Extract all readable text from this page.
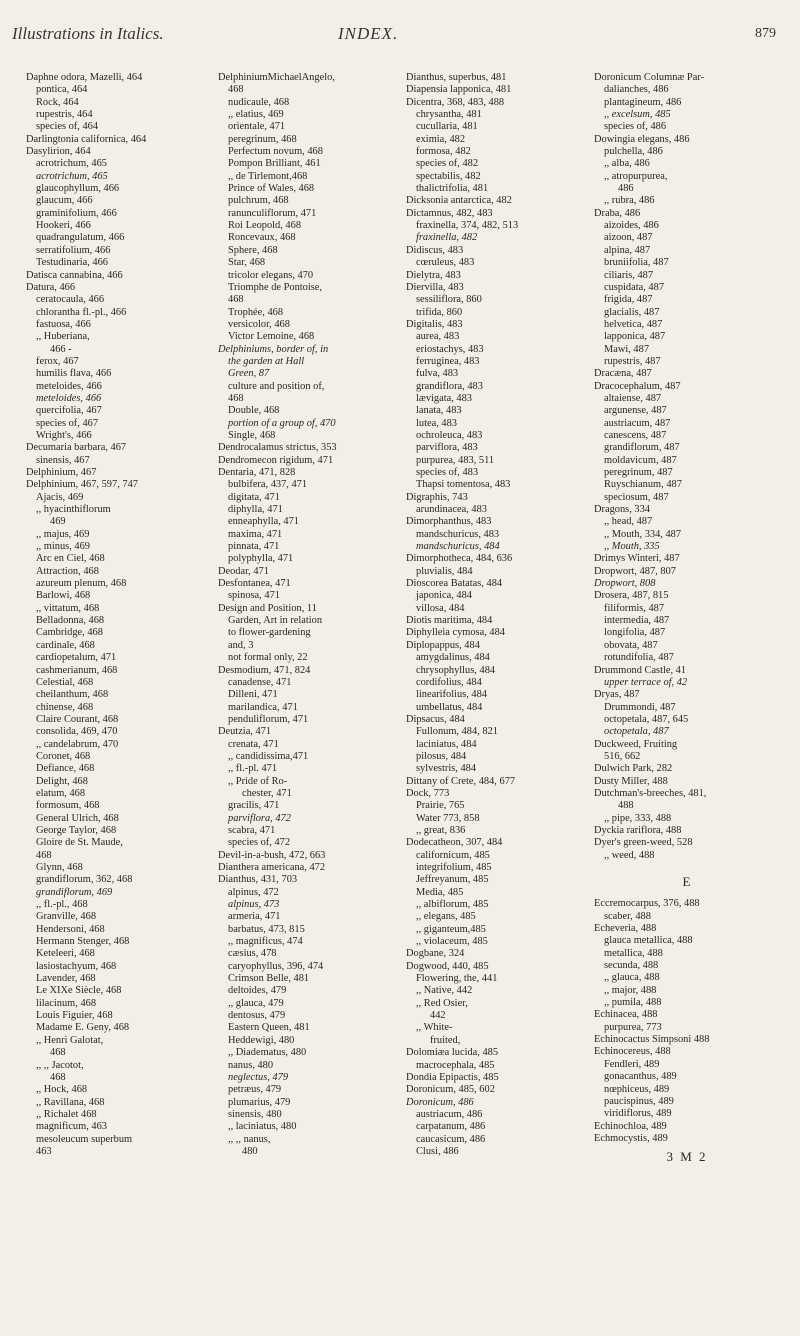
Illustrations in Italics.	INDEX.	879
Daphne odora, Mazelli, 464
pontica, 464
Rock, 464
rupestris, 464
species of, 464
Darlingtonia californica, 464
Dasylirion, 464
acrotrichum, 465
acrotrichum, 465
glaucophyllum, 466
glaucum, 466
graminifolium, 466
Hookeri, 466
quadrangulatum, 466
serratifolium, 466
Testudinaria, 466
Datisca cannabina, 466
Datura, 466
ceratocaula, 466
chlorantha fl.-pl., 466
fastuosa, 466
,, Huberiana,
466 -
ferox, 467
humilis flava, 466
meteloides, 466
meteloides, 466
quercifolia, 467
species of, 467
Wright's, 466
Decumaria barbara, 467
sinensis, 467
Delphinium, 467
Delphinium, 467, 597, 747
Ajacis, 469
,, hyacinthiflorum
469
,, majus, 469
,, minus, 469
Arc en Ciel, 468
Attraction, 468
azureum plenum, 468
Barlowi, 468
,, vittatum, 468
Belladonna, 468
Cambridge, 468
cardinale, 468
cardiopetalum, 471
cashmerianum, 468
Celestial, 468
cheilanthum, 468
chinense, 468
Claire Courant, 468
consolida, 469, 470
,, candelabrum, 470
Coronet, 468
Defiance, 468
Delight, 468
elatum, 468
formosum, 468
General Ulrich, 468
George Taylor, 468
Gloire de St. Maude,
468
Glynn, 468
grandiflorum, 362, 468
grandiflorum, 469
,, fl.-pl., 468
Granville, 468
Hendersoni, 468
Hermann Stenger, 468
Keteleeri, 468
lasiostachyum, 468
Lavender, 468
Le XIXe Siècle, 468
lilacinum, 468
Louis Figuier, 468
Madame E. Geny, 468
,, Henri Galotat,
468
,, ,, Jacotot,
468
,, Hock, 468
,, Ravillana, 468
,, Richalet 468
magnificum, 463
mesoleucum superbum
463
DelphiniumMichaelAngelo,
468
nudicaule, 468
,, elatius, 469
orientale, 471
peregrinum, 468
Perfectum novum, 468
Pompon Brilliant, 461
,, de Tirlemont,468
Prince of Wales, 468
pulchrum, 468
ranunculiflorum, 471
Roi Leopold, 468
Roncevaux, 468
Sphere, 468
Star, 468
tricolor elegans, 470
Triomphe de Pontoise,
468
Trophée, 468
versicolor, 468
Victor Lemoine, 468
Delphiniums, border of, in
the garden at Hall
Green, 87
culture and position of,
468
Double, 468
portion of a group of, 470
Single, 468
Dendrocalamus strictus, 353
Dendromecon rigidum, 471
Dentaria, 471, 828
bulbifera, 437, 471
digitata, 471
diphylla, 471
enneaphylla, 471
maxima, 471
pinnata, 471
polyphylla, 471
Deodar, 471
Desfontanea, 471
spinosa, 471
Design and Position, 11
Garden, Art in relation
to flower-gardening
and, 3
not formal only, 22
Desmodium, 471, 824
canadense, 471
Dilleni, 471
marilandica, 471
penduliflorum, 471
Deutzia, 471
crenata, 471
,, candidissima,471
,, fl.-pl. 471
,, Pride of Ro-
chester, 471
gracilis, 471
parviflora, 472
scabra, 471
species of, 472
Devil-in-a-bush, 472, 663
Dianthera americana, 472
Dianthus, 431, 703
alpinus, 472
alpinus, 473
armeria, 471
barbatus, 473, 815
,, magnificus, 474
cæsius, 478
caryophyllus, 396, 474
Crimson Belle, 481
deltoides, 479
,, glauca, 479
dentosus, 479
Eastern Queen, 481
Heddewigi, 480
,, Diadematus, 480
nanus, 480
neglectus, 479
petræus, 479
plumarius, 479
sinensis, 480
,, laciniatus, 480
,, ,, nanus,
480
Dianthus, superbus, 481
Diapensia lapponica, 481
Dicentra, 368, 483, 488
chrysantha, 481
cucullaria, 481
eximia, 482
formosa, 482
species of, 482
spectabilis, 482
thalictrifolia, 481
Dicksonia antarctica, 482
Dictamnus, 482, 483
fraxinella, 374, 482, 513
fraxinella, 482
Didiscus, 483
cœruleus, 483
Dielytra, 483
Diervilla, 483
sessiliflora, 860
trifida, 860
Digitalis, 483
aurea, 483
eriostachys, 483
ferruginea, 483
fulva, 483
grandiflora, 483
lævigata, 483
lanata, 483
lutea, 483
ochroleuca, 483
parviflora, 483
purpurea, 483, 511
species of, 483
Thapsi tomentosa, 483
Digraphis, 743
arundinacea, 483
Dimorphanthus, 483
mandschuricus, 483
mandschuricus, 484
Dimorphotheca, 484, 636
pluvialis, 484
Dioscorea Batatas, 484
japonica, 484
villosa, 484
Diotis maritima, 484
Diphylleia cymosa, 484
Diplopappus, 484
amygdalinus, 484
chrysophyllus, 484
cordifolius, 484
linearifolius, 484
umbellatus, 484
Dipsacus, 484
Fullonum, 484, 821
laciniatus, 484
pilosus, 484
sylvestris, 484
Dittany of Crete, 484, 677
Dock, 773
Prairie, 765
Water 773, 858
,, great, 836
Dodecatheon, 307, 484
californicum, 485
integrifolium, 485
Jeffreyanum, 485
Media, 485
,, albiflorum, 485
,, elegans, 485
,, giganteum,485
,, violaceum, 485
Dogbane, 324
Dogwood, 440, 485
Flowering, the, 441
,, Native, 442
,, Red Osier,
442
,, White-
fruited,
Dolomiæa lucida, 485
macrocephala, 485
Dondia Epipactis, 485
Doronicum, 485, 602
Doronicum, 486
austriacum, 486
carpatanum, 486
caucasicum, 486
Clusi, 486
Doronicum Columnæ Par-
dalianches, 486
plantagineum, 486
,, excelsum, 485
species of, 486
Dowingia elegans, 486
pulchella, 486
,, alba, 486
,, atropurpurea,
486
,, rubra, 486
Draba, 486
aizoides, 486
aizoon, 487
alpina, 487
bruniifolia, 487
ciliaris, 487
cuspidata, 487
frigida, 487
glacialis, 487
helvetica, 487
lapponica, 487
Mawi, 487
rupestris, 487
Dracæna, 487
Dracocephalum, 487
altaiense, 487
argunense, 487
austriacum, 487
canescens, 487
grandiflorum, 487
moldavicum, 487
peregrinum, 487
Ruyschianum, 487
speciosum, 487
Dragons, 334
,, head, 487
,, Mouth, 334, 487
,, Mouth, 335
Drimys Winteri, 487
Dropwort, 487, 807
Dropwort, 808
Drosera, 487, 815
filiformis, 487
intermedia, 487
longifolia, 487
obovata, 487
rotundifolia, 487
Drummond Castle, 41
upper terrace of, 42
Dryas, 487
Drummondi, 487
octopetala, 487, 645
octopetala, 487
Duckweed, Fruiting
516, 662
Dulwich Park, 282
Dusty Miller, 488
Dutchman's-breeches, 481,
488
,, pipe, 333, 488
Dyckia rariflora, 488
Dyer's green-weed, 528
,, weed, 488
E
Eccremocarpus, 376, 488
scaber, 488
Echeveria, 488
glauca metallica, 488
metallica, 488
secunda, 488
,, glauca, 488
,, major, 488
,, pumila, 488
Echinacea, 488
purpurea, 773
Echinocactus Simpsoni 488
Echinocereus, 488
Fendleri, 489
gonacanthus, 489
nœphiceus, 489
paucispinus, 489
viridiflorus, 489
Echinochloa, 489
Echmocystis, 489
3 M 2
